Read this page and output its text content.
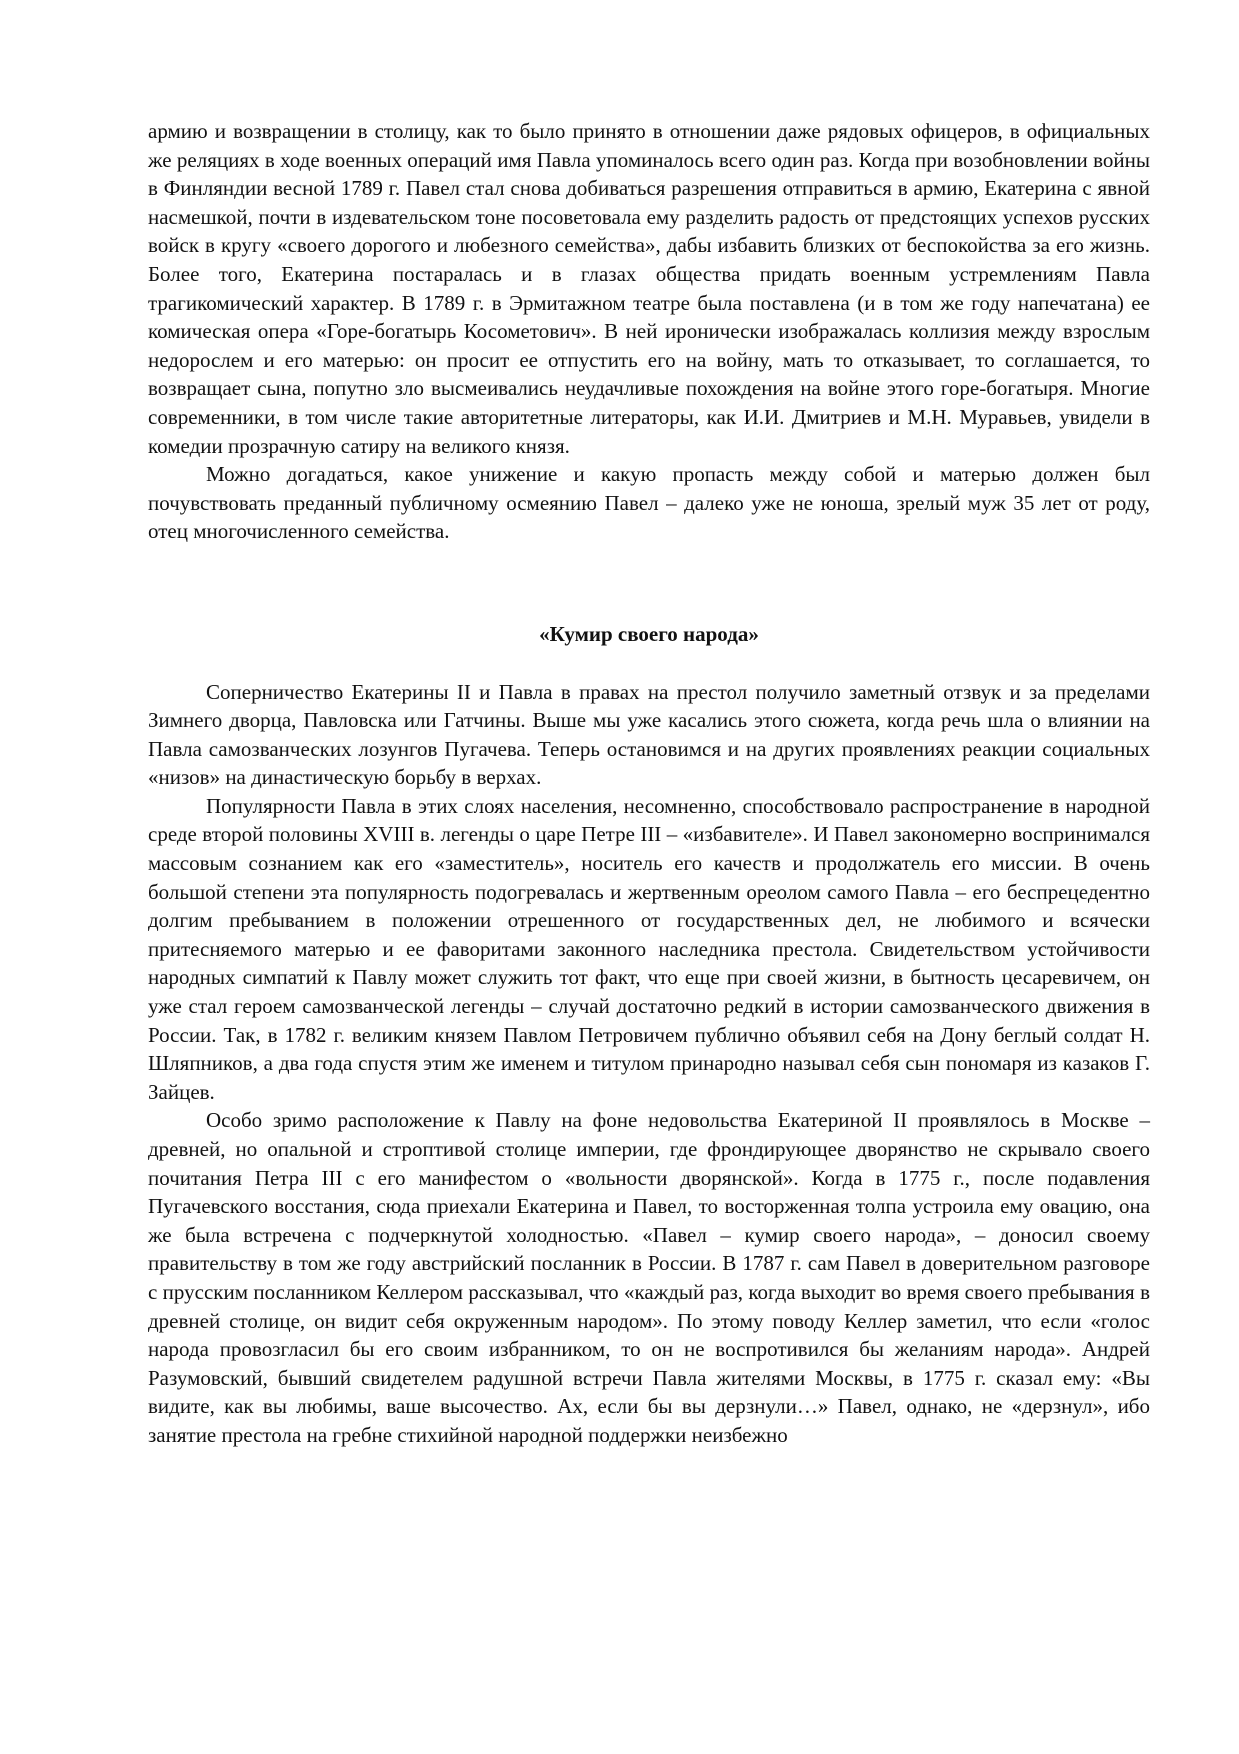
армию и возвращении в столицу, как то было принято в отношении даже рядовых офицеров, в официальных же реляциях в ходе военных операций имя Павла упоминалось всего один раз. Когда при возобновлении войны в Финляндии весной 1789 г. Павел стал снова добиваться разрешения отправиться в армию, Екатерина с явной насмешкой, почти в издевательском тоне посоветовала ему разделить радость от предстоящих успехов русских войск в кругу «своего дорогого и любезного семейства», дабы избавить близких от беспокойства за его жизнь. Более того, Екатерина постаралась и в глазах общества придать военным устремлениям Павла трагикомический характер. В 1789 г. в Эрмитажном театре была поставлена (и в том же году напечатана) ее комическая опера «Горе-богатырь Косометович». В ней иронически изображалась коллизия между взрослым недорослем и его матерью: он просит ее отпустить его на войну, мать то отказывает, то соглашается, то возвращает сына, попутно зло высмеивались неудачливые похождения на войне этого горе-богатыря. Многие современники, в том числе такие авторитетные литераторы, как И.И. Дмитриев и М.Н. Муравьев, увидели в комедии прозрачную сатиру на великого князя.

Можно догадаться, какое унижение и какую пропасть между собой и матерью должен был почувствовать преданный публичному осмеянию Павел – далеко уже не юноша, зрелый муж 35 лет от роду, отец многочисленного семейства.

«Кумир своего народа»

Соперничество Екатерины II и Павла в правах на престол получило заметный отзвук и за пределами Зимнего дворца, Павловска или Гатчины. Выше мы уже касались этого сюжета, когда речь шла о влиянии на Павла самозванческих лозунгов Пугачева. Теперь остановимся и на других проявлениях реакции социальных «низов» на династическую борьбу в верхах.

Популярности Павла в этих слоях населения, несомненно, способствовало распространение в народной среде второй половины XVIII в. легенды о царе Петре III – «избавителе». И Павел закономерно воспринимался массовым сознанием как его «заместитель», носитель его качеств и продолжатель его миссии. В очень большой степени эта популярность подогревалась и жертвенным ореолом самого Павла – его беспрецедентно долгим пребыванием в положении отрешенного от государственных дел, не любимого и всячески притесняемого матерью и ее фаворитами законного наследника престола. Свидетельством устойчивости народных симпатий к Павлу может служить тот факт, что еще при своей жизни, в бытность цесаревичем, он уже стал героем самозванческой легенды – случай достаточно редкий в истории самозванческого движения в России. Так, в 1782 г. великим князем Павлом Петровичем публично объявил себя на Дону беглый солдат Н. Шляпников, а два года спустя этим же именем и титулом принародно называл себя сын пономаря из казаков Г. Зайцев.

Особо зримо расположение к Павлу на фоне недовольства Екатериной II проявлялось в Москве – древней, но опальной и строптивой столице империи, где фрондирующее дворянство не скрывало своего почитания Петра III с его манифестом о «вольности дворянской». Когда в 1775 г., после подавления Пугачевского восстания, сюда приехали Екатерина и Павел, то восторженная толпа устроила ему овацию, она же была встречена с подчеркнутой холодностью. «Павел – кумир своего народа», – доносил своему правительству в том же году австрийский посланник в России. В 1787 г. сам Павел в доверительном разговоре с прусским посланником Келлером рассказывал, что «каждый раз, когда выходит во время своего пребывания в древней столице, он видит себя окруженным народом». По этому поводу Келлер заметил, что если «голос народа провозгласил бы его своим избранником, то он не воспротивился бы желаниям народа». Андрей Разумовский, бывший свидетелем радушной встречи Павла жителями Москвы, в 1775 г. сказал ему: «Вы видите, как вы любимы, ваше высочество. Ах, если бы вы дерзнули…» Павел, однако, не «дерзнул», ибо занятие престола на гребне стихийной народной поддержки неизбежно
